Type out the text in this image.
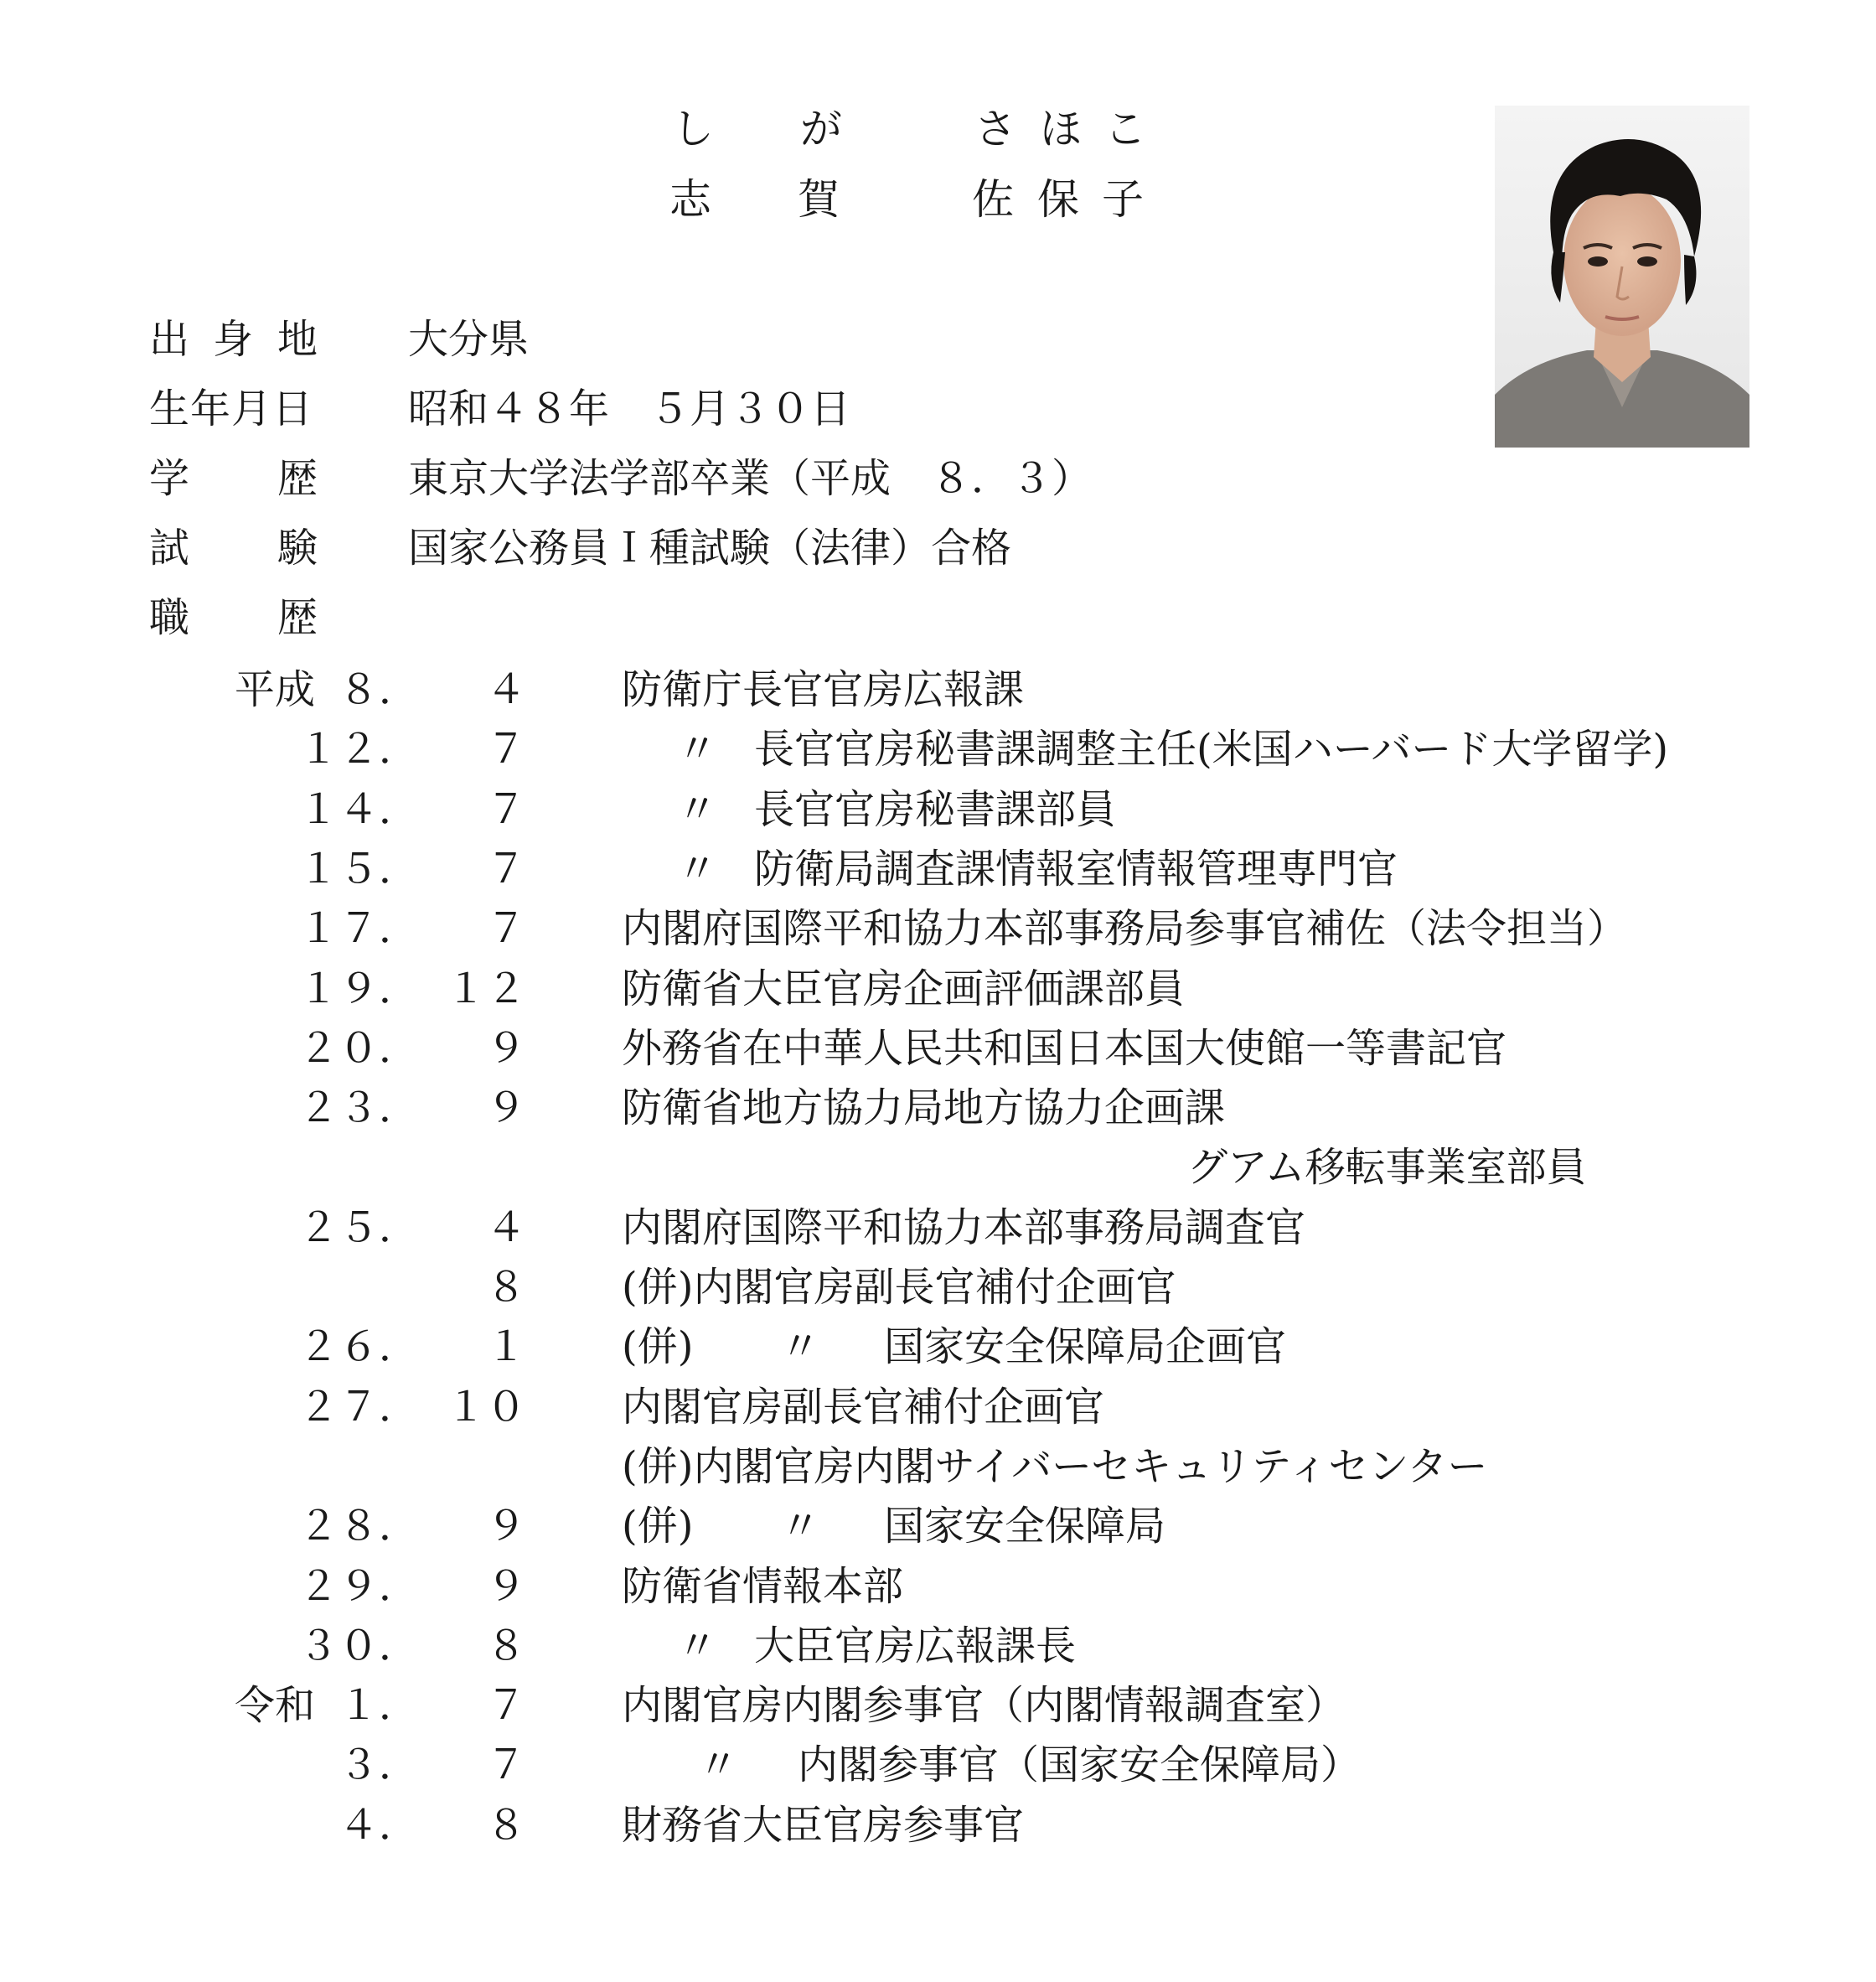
し が	さ ほ こ
志 賀	佐 保 子
出 身 地 大分県
生年月日 昭和４８年　５月３０日
学 歴 東京大学法学部卒業（平成　８．３）
試 験 国家公務員Ｉ種試験（法律）合格
職 歴
平成 ８． ４ 防衛庁長官官房広報課
１２． ７	〃 長官官房秘書課調整主任(米国ハーバード大学留学)
１４． ７	〃 長官官房秘書課部員
１５． ７	〃 防衛局調査課情報室情報管理専門官
１７． ７ 内閣府国際平和協力本部事務局参事官補佐（法令担当）
１９． １２ 防衛省大臣官房企画評価課部員
２０． ９ 外務省在中華人民共和国日本国大使館一等書記官
２３． ９ 防衛省地方協力局地方協力企画課
グアム移転事業室部員
２５． ４ 内閣府国際平和協力本部事務局調査官
８ (併)内閣官房副長官補付企画官
２６． １ (併) 〃 国家安全保障局企画官
２７． １０ 内閣官房副長官補付企画官
(併)内閣官房内閣サイバーセキュリティセンター
２８． ９ (併) 〃 国家安全保障局
２９． ９ 防衛省情報本部
３０． ８	〃 大臣官房広報課長
令和 １． ７ 内閣官房内閣参事官（内閣情報調査室）
３． ７	〃 内閣参事官（国家安全保障局）
４． ８ 財務省大臣官房参事官
